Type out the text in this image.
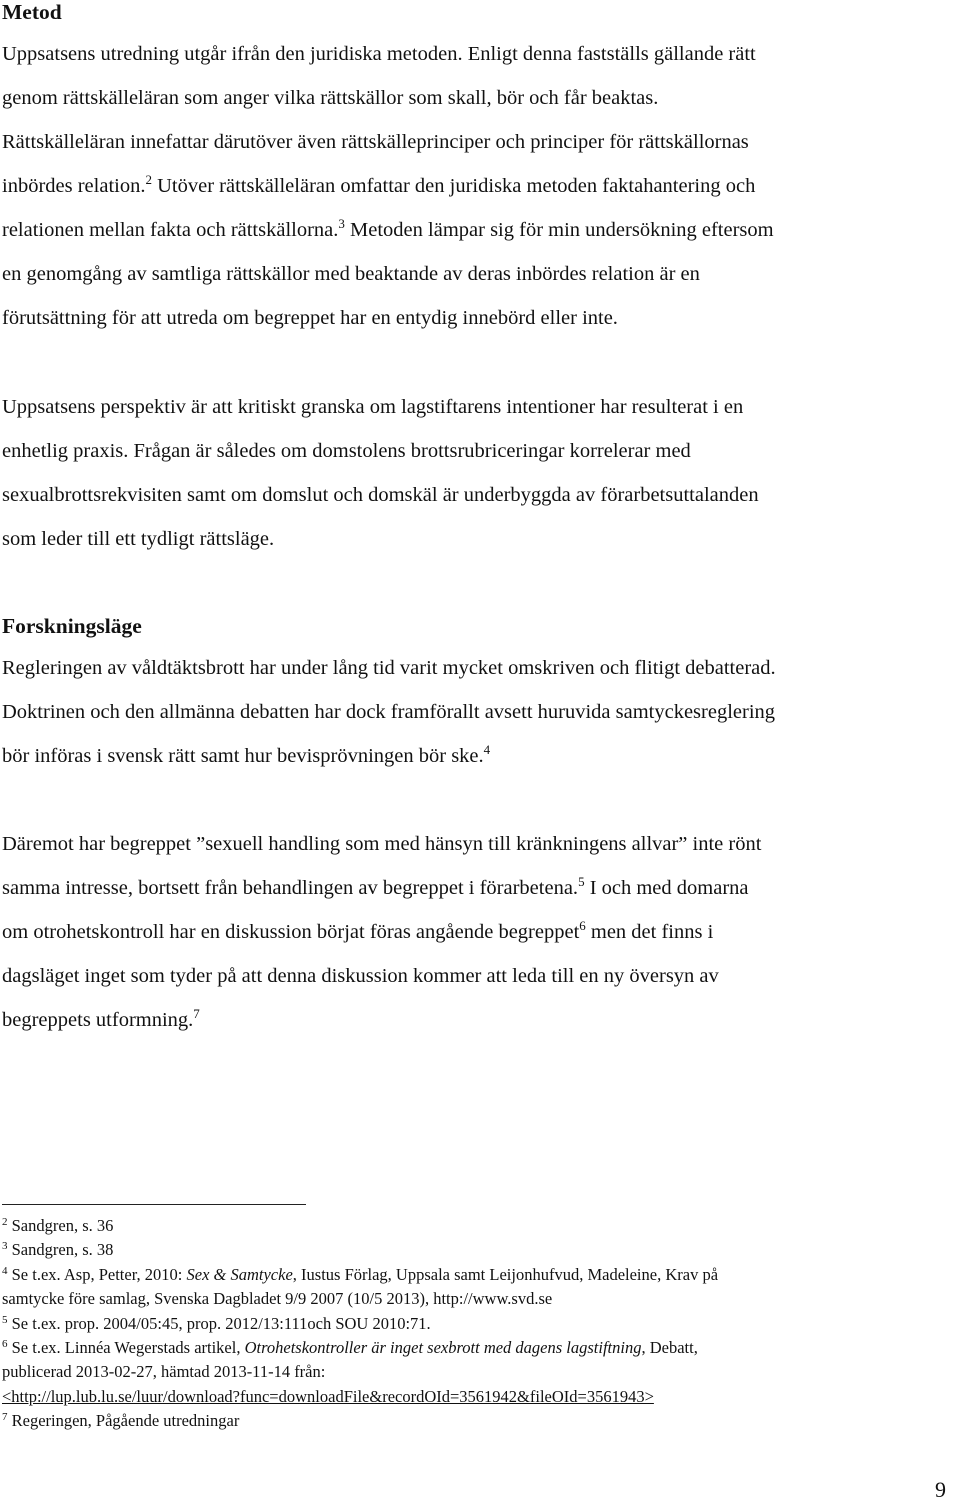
Metod
Uppsatsens utredning utgår ifrån den juridiska metoden. Enligt denna fastställs gällande rätt
genom rättskälleläran som anger vilka rättskällor som skall, bör och får beaktas.
Rättskälleläran innefattar därutöver även rättskälleprinciper och principer för rättskällornas
inbördes relation.$^2$ Utöver rättskälleläran omfattar den juridiska metoden faktahantering och
relationen mellan fakta och rättskällorna.$^3$ Metoden lämpar sig för min undersökning eftersom
en genomgång av samtliga rättskällor med beaktande av deras inbördes relation är en
förutsättning för att utreda om begreppet har en entydig innebörd eller inte.
Uppsatsens perspektiv är att kritiskt granska om lagstiftarens intentioner har resulterat i en
enhetlig praxis. Frågan är således om domstolens brottsrubriceringar korrelerar med
sexualbrottsrekvisiten samt om domslut och domskäl är underbyggda av förarbetsuttalanden
som leder till ett tydligt rättsläge.
Forskningsläge
Regleringen av våldtäktsbrott har under lång tid varit mycket omskriven och flitigt debatterad.
Doktrinen och den allmänna debatten har dock framförallt avsett huruvida samtyckesreglering
bör införas i svensk rätt samt hur bevisprövningen bör ske.$^4$
Däremot har begreppet ”sexuell handling som med hänsyn till kränkningens allvar” inte rönt
samma intresse, bortsett från behandlingen av begreppet i förarbetena.$^5$ I och med domarna
om otrohetskontroll har en diskussion börjat föras angående begreppet$^6$ men det finns i
dagsläget inget som tyder på att denna diskussion kommer att leda till en ny översyn av
begreppets utformning.$^7$
$^2$ Sandgren, s. 36
$^3$ Sandgren, s. 38
$^4$ Se t.ex. Asp, Petter, 2010: Sex & Samtycke, Iustus Förlag, Uppsala samt Leijonhufvud, Madeleine, Krav på
samtycke före samlag, Svenska Dagbladet 9/9 2007 (10/5 2013), http://www.svd.se
$^5$ Se t.ex. prop. 2004/05:45, prop. 2012/13:111och SOU 2010:71.
$^6$ Se t.ex. Linnéa Wegerstads artikel, Otrohetskontroller är inget sexbrott med dagens lagstiftning, Debatt,
publicerad 2013-02-27, hämtad 2013-11-14 från:
<http://lup.lub.lu.se/luur/download?func=downloadFile&recordOId=3561942&fileOId=3561943>
$^7$ Regeringen, Pågående utredningar
9
